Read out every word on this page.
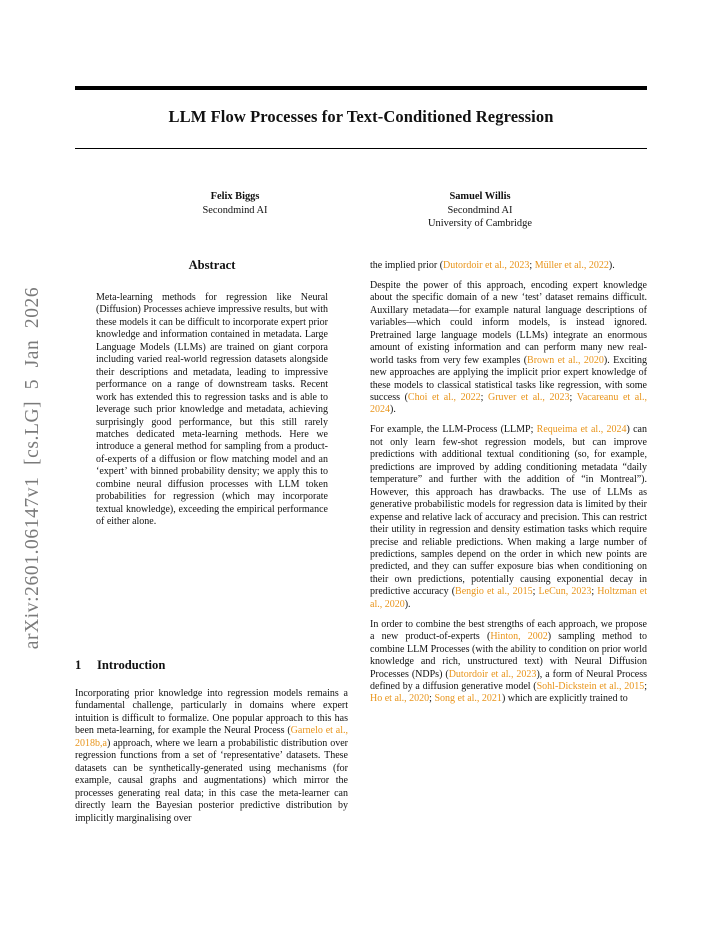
LLM Flow Processes for Text-Conditioned Regression
Felix Biggs
Secondmind AI
Samuel Willis
Secondmind AI
University of Cambridge
arXiv:2601.06147v1 [cs.LG] 5 Jan 2026
Abstract
Meta-learning methods for regression like Neural (Diffusion) Processes achieve impressive results, but with these models it can be difficult to incorporate expert prior knowledge and information contained in metadata. Large Language Models (LLMs) are trained on giant corpora including varied real-world regression datasets alongside their descriptions and metadata, leading to impressive performance on a range of downstream tasks. Recent work has extended this to regression tasks and is able to leverage such prior knowledge and metadata, achieving surprisingly good performance, but this still rarely matches dedicated meta-learning methods. Here we introduce a general method for sampling from a product-of-experts of a diffusion or flow matching model and an ‘expert’ with binned probability density; we apply this to combine neural diffusion processes with LLM token probabilities for regression (which may incorporate textual knowledge), exceeding the empirical performance of either alone.
1 Introduction

Incorporating prior knowledge into regression models remains a fundamental challenge, particularly in domains where expert intuition is difficult to formalize. One popular approach to this has been meta-learning, for example the Neural Process (Garnelo et al., 2018b,a) approach, where we learn a probabilistic distribution over regression functions from a set of ‘representative’ datasets. These datasets can be synthetically-generated using mechanisms (for example, causal graphs and augmentations) which mirror the processes generating real data; in this case the meta-learner can directly learn the Bayesian posterior predictive distribution by implicitly marginalising over

the implied prior (Dutordoir et al., 2023; Müller et al., 2022).

Despite the power of this approach, encoding expert knowledge about the specific domain of a new ‘test’ dataset remains difficult. Auxillary metadata—for example natural language descriptions of variables—which could inform models, is instead ignored. Pretrained large language models (LLMs) integrate an enormous amount of existing information and can perform many new real-world tasks from very few examples (Brown et al., 2020). Exciting new approaches are applying the implicit prior expert knowledge of these models to classical statistical tasks like regression, with some success (Choi et al., 2022; Gruver et al., 2023; Vacareanu et al., 2024).

For example, the LLM-Process (LLMP; Requeima et al., 2024) can not only learn few-shot regression models, but can improve predictions with additional textual conditioning (so, for example, predictions are improved by adding conditioning metadata “daily temperature” and further with the addition of “in Montreal”). However, this approach has drawbacks. The use of LLMs as generative probabilistic models for regression data is limited by their expense and relative lack of accuracy and precision. This can restrict their utility in regression and density estimation tasks which require precise and reliable predictions. When making a large number of predictions, samples depend on the order in which new points are predicted, and they can suffer exposure bias when conditioning on their own predictions, potentially causing exponential decay in predictive accuracy (Bengio et al., 2015; LeCun, 2023; Holtzman et al., 2020).

In order to combine the best strengths of each approach, we propose a new product-of-experts (Hinton, 2002) sampling method to combine LLM Processes (with the ability to condition on prior world knowledge and rich, unstructured text) with Neural Diffusion Processes (NDPs) (Dutordoir et al., 2023), a form of Neural Process defined by a diffusion generative model (Sohl-Dickstein et al., 2015; Ho et al., 2020; Song et al., 2021) which are explicitly trained to
